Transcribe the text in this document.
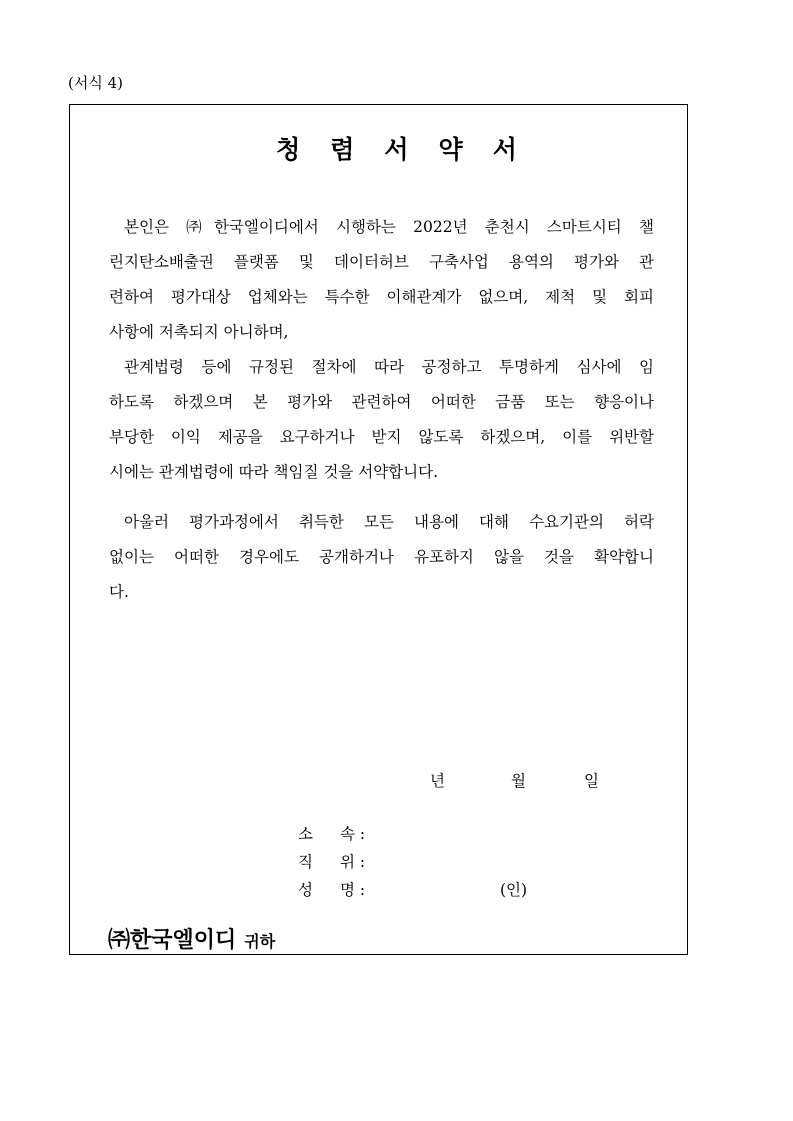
(서식 4)
청렴서약서
본인은 ㈜한국엘이디에서 시행하는 2022년 춘천시 스마트시티 챌
린지탄소배출권 플랫폼 및 데이터허브 구축사업 용역의 평가와 관
련하여 평가대상 업체와는 특수한 이해관계가 없으며, 제척 및 회피
사항에 저촉되지 아니하며,
관계법령 등에 규정된 절차에 따라 공정하고 투명하게 심사에 임
하도록 하겠으며 본 평가와 관련하여 어떠한 금품 또는 향응이나
부당한 이익 제공을 요구하거나 받지 않도록 하겠으며, 이를 위반할
시에는 관계법령에 따라 책임질 것을 서약합니다.
아울러 평가과정에서 취득한 모든 내용에 대해 수요기관의 허락
없이는 어떠한 경우에도 공개하거나 유포하지 않을 것을 확약합니
다.
년	월	일
소 속 :
직 위 :
성 명 :	(인)
㈜한국엘이디 귀하
